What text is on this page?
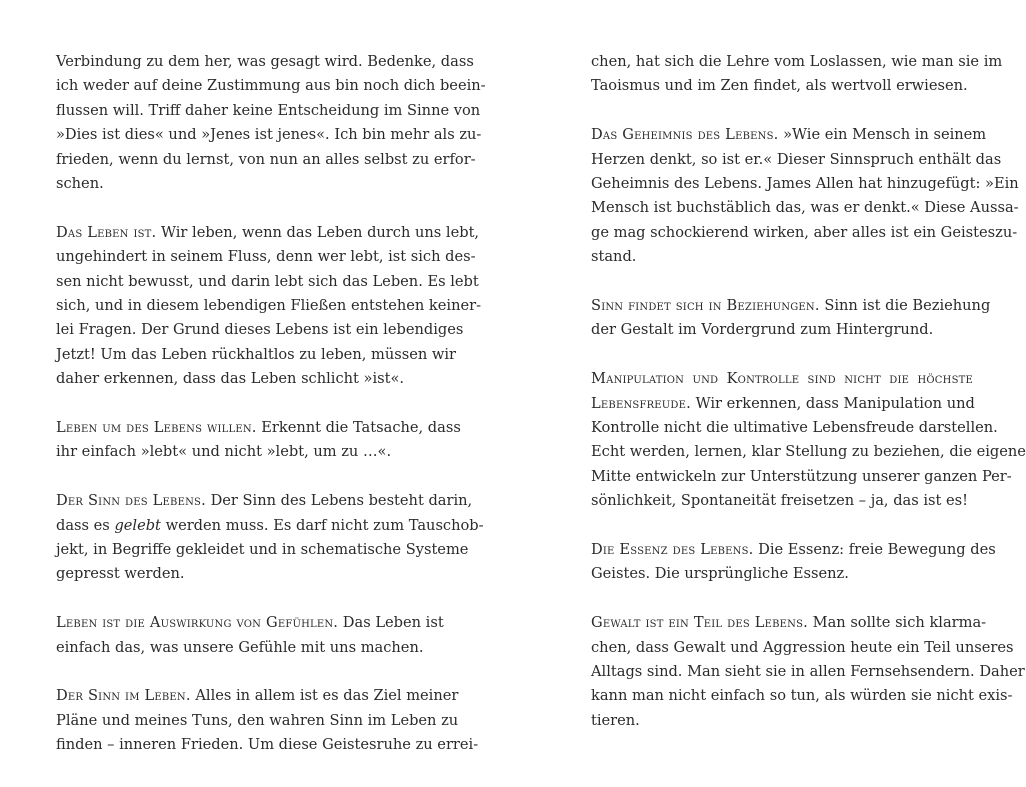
Verbindung zu dem her, was gesagt wird. Bedenke, dass
ich weder auf deine Zustimmung aus bin noch dich beein-
flussen will. Triff daher keine Entscheidung im Sinne von
»Dies ist dies« und »Jenes ist jenes«. Ich bin mehr als zu-
frieden, wenn du lernst, von nun an alles selbst zu erfor-
schen.

Das Leben ist. Wir leben, wenn das Leben durch uns lebt,
ungehindert in seinem Fluss, denn wer lebt, ist sich des-
sen nicht bewusst, und darin lebt sich das Leben. Es lebt
sich, und in diesem lebendigen Fließen entstehen keiner-
lei Fragen. Der Grund dieses Lebens ist ein lebendiges
Jetzt! Um das Leben rückhaltlos zu leben, müssen wir
daher erkennen, dass das Leben schlicht »ist«.

Leben um des Lebens willen. Erkennt die Tatsache, dass
ihr einfach »lebt« und nicht »lebt, um zu …«.

Der Sinn des Lebens. Der Sinn des Lebens besteht darin,
dass es gelebt werden muss. Es darf nicht zum Tauschob-
jekt, in Begriffe gekleidet und in schematische Systeme
gepresst werden.

Leben ist die Auswirkung von Gefühlen. Das Leben ist
einfach das, was unsere Gefühle mit uns machen.

Der Sinn im Leben. Alles in allem ist es das Ziel meiner
Pläne und meines Tuns, den wahren Sinn im Leben zu
finden – inneren Frieden. Um diese Geistesruhe zu errei-

chen, hat sich die Lehre vom Loslassen, wie man sie im
Taoismus und im Zen findet, als wertvoll erwiesen.

Das Geheimnis des Lebens. »Wie ein Mensch in seinem
Herzen denkt, so ist er.« Dieser Sinnspruch enthält das
Geheimnis des Lebens. James Allen hat hinzugefügt: »Ein
Mensch ist buchstäblich das, was er denkt.« Diese Aussa-
ge mag schockierend wirken, aber alles ist ein Geisteszu-
stand.

Sinn findet sich in Beziehungen. Sinn ist die Beziehung
der Gestalt im Vordergrund zum Hintergrund.

Manipulation und Kontrolle sind nicht die höchste
Lebensfreude. Wir erkennen, dass Manipulation und
Kontrolle nicht die ultimative Lebensfreude darstellen.
Echt werden, lernen, klar Stellung zu beziehen, die eigene
Mitte entwickeln zur Unterstützung unserer ganzen Per-
sönlichkeit, Spontaneität freisetzen – ja, das ist es!

Die Essenz des Lebens. Die Essenz: freie Bewegung des
Geistes. Die ursprüngliche Essenz.

Gewalt ist ein Teil des Lebens. Man sollte sich klarma-
chen, dass Gewalt und Aggression heute ein Teil unseres
Alltags sind. Man sieht sie in allen Fernsehsendern. Daher
kann man nicht einfach so tun, als würden sie nicht exis-
tieren.
